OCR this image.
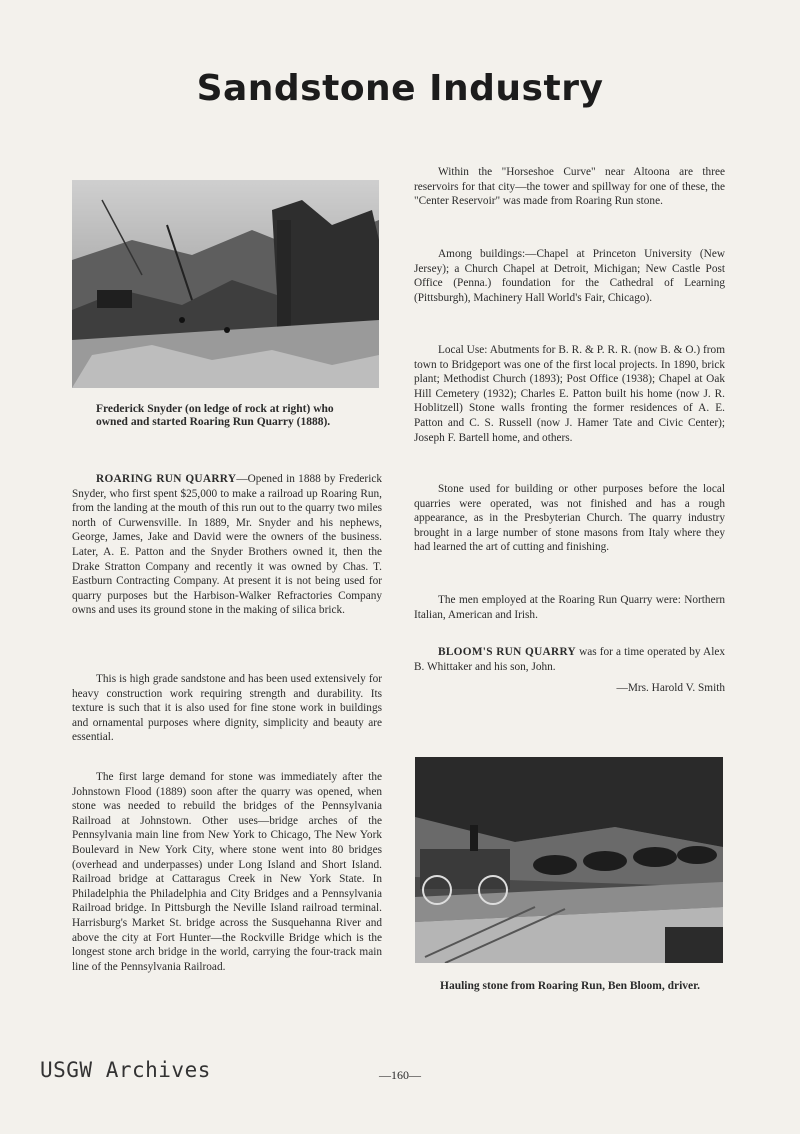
Sandstone Industry
Frederick Snyder (on ledge of rock at right) who owned and started Roaring Run Quarry (1888).

ROARING RUN QUARRY—Opened in 1888 by Frederick Snyder, who first spent $25,000 to make a railroad up Roaring Run, from the landing at the mouth of this run out to the quarry two miles north of Curwensville. In 1889, Mr. Snyder and his nephews, George, James, Jake and David were the owners of the business. Later, A. E. Patton and the Snyder Brothers owned it, then the Drake Stratton Company and recently it was owned by Chas. T. Eastburn Contracting Company. At present it is not being used for quarry purposes but the Harbison-Walker Refractories Company owns and uses its ground stone in the making of silica brick.

This is high grade sandstone and has been used extensively for heavy construction work requiring strength and durability. Its texture is such that it is also used for fine stone work in buildings and ornamental purposes where dignity, simplicity and beauty are essential.

The first large demand for stone was immediately after the Johnstown Flood (1889) soon after the quarry was opened, when stone was needed to rebuild the bridges of the Pennsylvania Railroad at Johnstown. Other uses—bridge arches of the Pennsylvania main line from New York to Chicago, The New York Boulevard in New York City, where stone went into 80 bridges (overhead and underpasses) under Long Island and Short Island. Railroad bridge at Cattaragus Creek in New York State. In Philadelphia the Philadelphia and City Bridges and a Pennsylvania Railroad bridge. In Pittsburgh the Neville Island railroad terminal. Harrisburg's Market St. bridge across the Susquehanna River and above the city at Fort Hunter—the Rockville Bridge which is the longest stone arch bridge in the world, carrying the four-track main line of the Pennsylvania Railroad.

Within the "Horseshoe Curve" near Altoona are three reservoirs for that city—the tower and spillway for one of these, the "Center Reservoir" was made from Roaring Run stone.

Among buildings:—Chapel at Princeton University (New Jersey); a Church Chapel at Detroit, Michigan; New Castle Post Office (Penna.) foundation for the Cathedral of Learning (Pittsburgh), Machinery Hall World's Fair, Chicago).

Local Use: Abutments for B. R. & P. R. R. (now B. & O.) from town to Bridgeport was one of the first local projects. In 1890, brick plant; Methodist Church (1893); Post Office (1938); Chapel at Oak Hill Cemetery (1932); Charles E. Patton built his home (now J. R. Hoblitzell) Stone walls fronting the former residences of A. E. Patton and C. S. Russell (now J. Hamer Tate and Civic Center); Joseph F. Bartell home, and others.

Stone used for building or other purposes before the local quarries were operated, was not finished and has a rough appearance, as in the Presbyterian Church. The quarry industry brought in a large number of stone masons from Italy where they had learned the art of cutting and finishing.

The men employed at the Roaring Run Quarry were: Northern Italian, American and Irish.

BLOOM'S RUN QUARRY was for a time operated by Alex B. Whittaker and his son, John.

—Mrs. Harold V. Smith
Hauling stone from Roaring Run, Ben Bloom, driver.
USGW Archives	—160—
